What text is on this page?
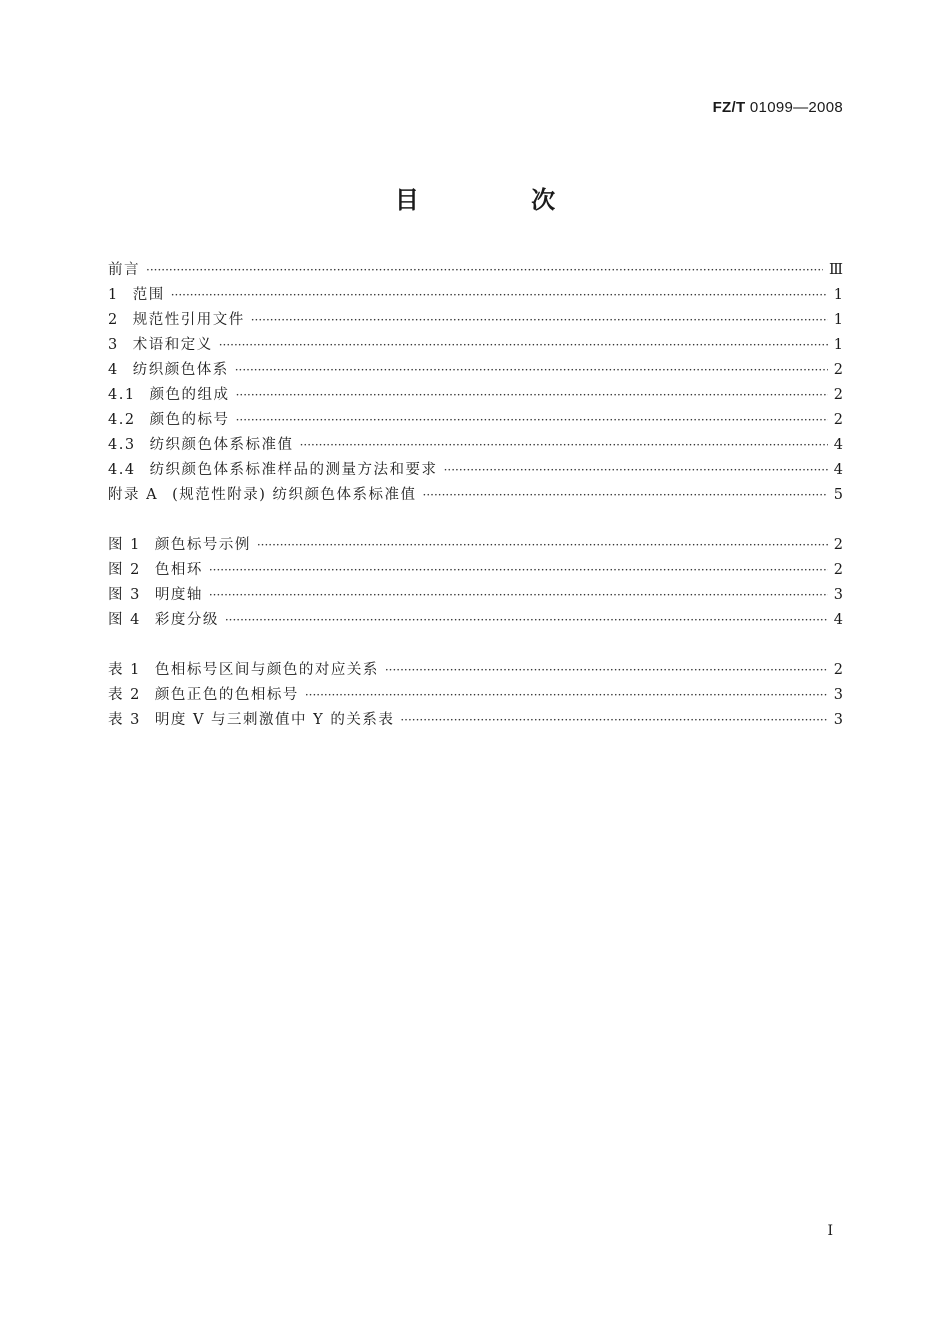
FZ/T 01099—2008
目 次
前言 ·····	Ⅲ
1 范围 ·····	1
2 规范性引用文件 ·····	1
3 术语和定义 ·····	1
4 纺织颜色体系 ·····	2
4.1 颜色的组成 ·····	2
4.2 颜色的标号 ·····	2
4.3 纺织颜色体系标准值 ·····	4
4.4 纺织颜色体系标准样品的测量方法和要求 ·····	4
附录 A (规范性附录) 纺织颜色体系标准值 ·····	5
图 1 颜色标号示例 ·····	2
图 2 色相环 ·····	2
图 3 明度轴 ·····	3
图 4 彩度分级 ·····	4
表 1 色相标号区间与颜色的对应关系 ·····	2
表 2 颜色正色的色相标号 ·····	3
表 3 明度 V 与三刺激值中 Y 的关系表 ·····	3
I
